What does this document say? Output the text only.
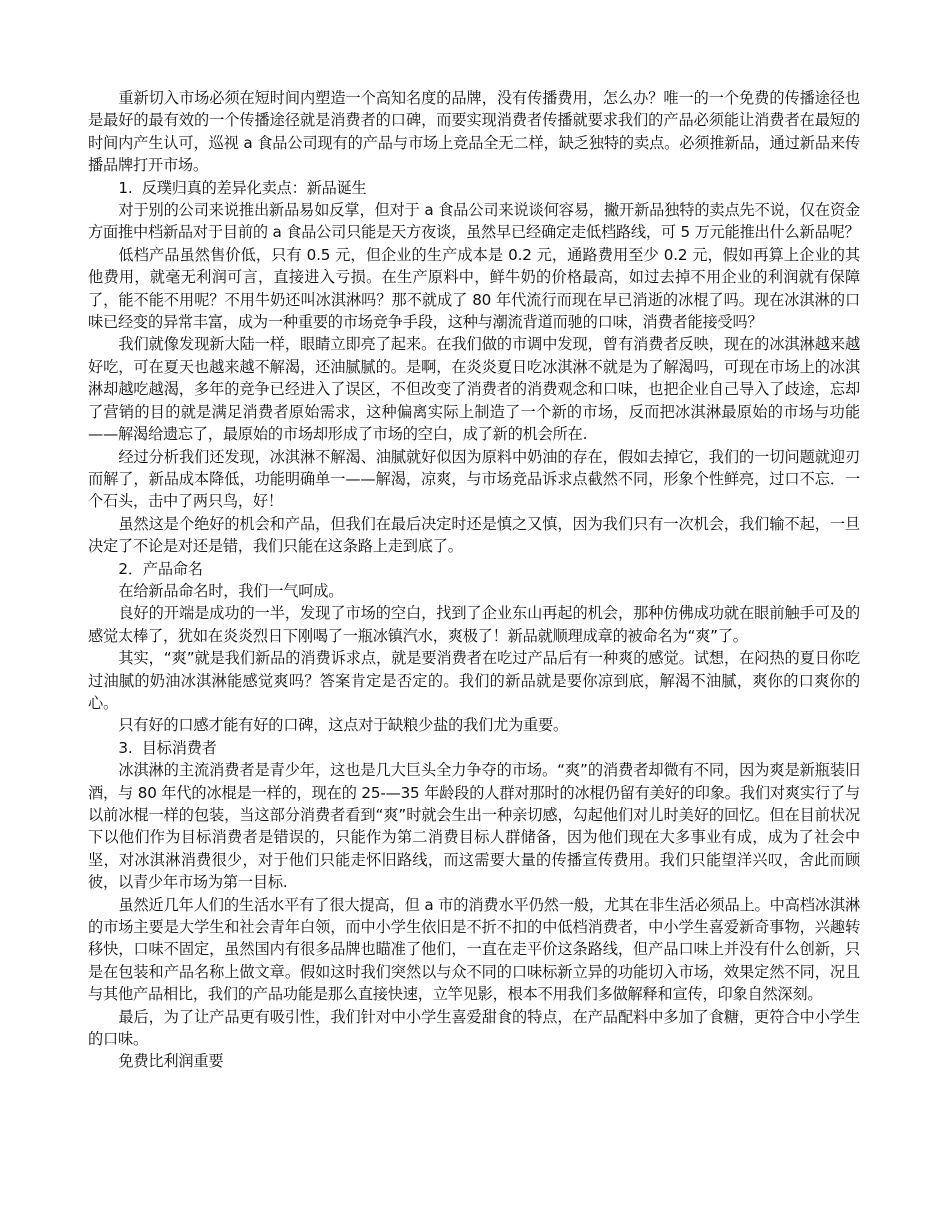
重新切入市场必须在短时间内塑造一个高知名度的品牌，没有传播费用，怎么办？唯一的一个免费的传播途径也是最好的最有效的一个传播途径就是消费者的口碑，而要实现消费者传播就要求我们的产品必须能让消费者在最短的时间内产生认可，巡视 a 食品公司现有的产品与市场上竞品全无二样，缺乏独特的卖点。必须推新品，通过新品来传播品牌打开市场。

1.  反璞归真的差异化卖点：新品诞生

对于别的公司来说推出新品易如反掌，但对于 a 食品公司来说谈何容易，撇开新品独特的卖点先不说，仅在资金方面推中档新品对于目前的 a 食品公司只能是天方夜谈，虽然早已经确定走低档路线，可 5 万元能推出什么新品呢？

低档产品虽然售价低，只有 0.5 元，但企业的生产成本是 0.2 元，通路费用至少 0.2 元，假如再算上企业的其他费用，就毫无利润可言，直接进入亏损。在生产原料中，鲜牛奶的价格最高，如过去掉不用企业的利润就有保障了，能不能不用呢？不用牛奶还叫冰淇淋吗？那不就成了 80 年代流行而现在早已消逝的冰棍了吗。现在冰淇淋的口味已经变的异常丰富，成为一种重要的市场竞争手段，这种与潮流背道而驰的口味，消费者能接受吗？

我们就像发现新大陆一样，眼睛立即亮了起来。在我们做的市调中发现，曾有消费者反映，现在的冰淇淋越来越好吃，可在夏天也越来越不解渴，还油腻腻的。是啊，在炎炎夏日吃冰淇淋不就是为了解渴吗，可现在市场上的冰淇淋却越吃越渴，多年的竞争已经进入了误区，不但改变了消费者的消费观念和口味，也把企业自己导入了歧途，忘却了营销的目的就是满足消费者原始需求，这种偏离实际上制造了一个新的市场，反而把冰淇淋最原始的市场与功能——解渴给遗忘了，最原始的市场却形成了市场的空白，成了新的机会所在.

经过分析我们还发现，冰淇淋不解渴、油腻就好似因为原料中奶油的存在，假如去掉它，我们的一切问题就迎刃而解了，新品成本降低，功能明确单一——解渴，凉爽，与市场竞品诉求点截然不同，形象个性鲜亮，过口不忘．一个石头，击中了两只鸟，好！

虽然这是个绝好的机会和产品，但我们在最后决定时还是慎之又慎，因为我们只有一次机会，我们输不起，一旦决定了不论是对还是错，我们只能在这条路上走到底了。

2．产品命名

在给新品命名时，我们一气呵成。

良好的开端是成功的一半，发现了市场的空白，找到了企业东山再起的机会，那种仿佛成功就在眼前触手可及的感觉太棒了，犹如在炎炎烈日下刚喝了一瓶冰镇汽水，爽极了！新品就顺理成章的被命名为“爽”了。

其实，“爽”就是我们新品的消费诉求点，就是要消费者在吃过产品后有一种爽的感觉。试想，在闷热的夏日你吃过油腻的奶油冰淇淋能感觉爽吗？答案肯定是否定的。我们的新品就是要你凉到底，解渴不油腻，爽你的口爽你的心。

只有好的口感才能有好的口碑，这点对于缺粮少盐的我们尤为重要。

3.  目标消费者

冰淇淋的主流消费者是青少年，这也是几大巨头全力争夺的市场。“爽”的消费者却微有不同，因为爽是新瓶装旧酒，与 80 年代的冰棍是一样的，现在的 25-—35 年龄段的人群对那时的冰棍仍留有美好的印象。我们对爽实行了与以前冰棍一样的包装，当这部分消费者看到“爽”时就会生出一种亲切感，勾起他们对儿时美好的回忆。但在目前状况下以他们作为目标消费者是错误的，只能作为第二消费目标人群储备，因为他们现在大多事业有成，成为了社会中坚，对冰淇淋消费很少，对于他们只能走怀旧路线，而这需要大量的传播宣传费用。我们只能望洋兴叹，舍此而顾彼，以青少年市场为第一目标.

虽然近几年人们的生活水平有了很大提高，但 a 市的消费水平仍然一般，尤其在非生活必须品上。中高档冰淇淋的市场主要是大学生和社会青年白领，而中小学生依旧是不折不扣的中低档消费者，中小学生喜爱新奇事物，兴趣转移快，口味不固定，虽然国内有很多品牌也瞄准了他们，一直在走平价这条路线，但产品口味上并没有什么创新，只是在包装和产品名称上做文章。假如这时我们突然以与众不同的口味标新立异的功能切入市场，效果定然不同，况且与其他产品相比，我们的产品功能是那么直接快速，立竿见影，根本不用我们多做解释和宣传，印象自然深刻。

最后，为了让产品更有吸引性，我们针对中小学生喜爱甜食的特点，在产品配料中多加了食糖，更符合中小学生的口味。

免费比利润重要
